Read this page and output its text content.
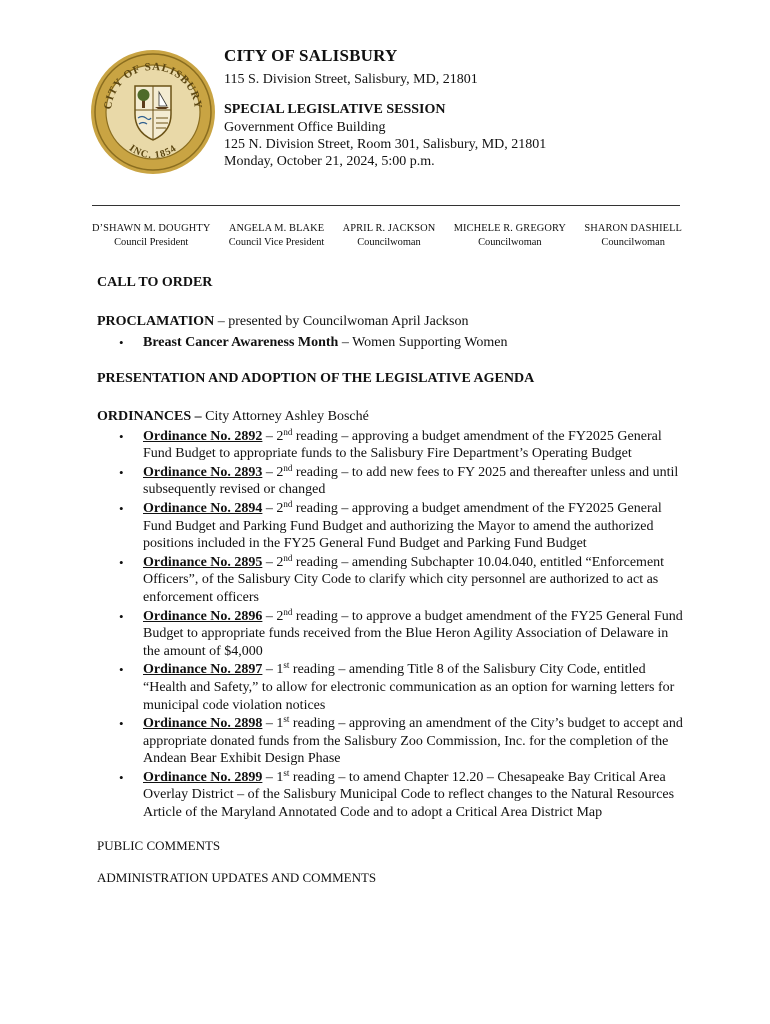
CITY OF SALISBURY
INC. 1854
CITY OF SALISBURY
115 S. Division Street, Salisbury, MD, 21801
SPECIAL LEGISLATIVE SESSION
Government Office Building
125 N. Division Street, Room 301, Salisbury, MD, 21801
Monday, October 21, 2024, 5:00 p.m.
D’SHAWN M. DOUGHTY
Council President
ANGELA M. BLAKE
Council Vice President
APRIL R. JACKSON
Councilwoman
MICHELE R. GREGORY
Councilwoman
SHARON DASHIELL
Councilwoman
CALL TO ORDER
PROCLAMATION – presented by Councilwoman April Jackson
• Breast Cancer Awareness Month – Women Supporting Women
PRESENTATION AND ADOPTION OF THE LEGISLATIVE AGENDA
ORDINANCES – City Attorney Ashley Bosché
• Ordinance No. 2892 – 2nd reading – approving a budget amendment of the FY2025 General Fund Budget to appropriate funds to the Salisbury Fire Department’s Operating Budget
• Ordinance No. 2893 – 2nd reading – to add new fees to FY 2025 and thereafter unless and until subsequently revised or changed
• Ordinance No. 2894 – 2nd reading – approving a budget amendment of the FY2025 General Fund Budget and Parking Fund Budget and authorizing the Mayor to amend the authorized positions included in the FY25 General Fund Budget and Parking Fund Budget
• Ordinance No. 2895 – 2nd reading – amending Subchapter 10.04.040, entitled “Enforcement Officers”, of the Salisbury City Code to clarify which city personnel are authorized to act as enforcement officers
• Ordinance No. 2896 – 2nd reading – to approve a budget amendment of the FY25 General Fund Budget to appropriate funds received from the Blue Heron Agility Association of Delaware in the amount of $4,000
• Ordinance No. 2897 – 1st reading – amending Title 8 of the Salisbury City Code, entitled “Health and Safety,” to allow for electronic communication as an option for warning letters for municipal code violation notices
• Ordinance No. 2898 – 1st reading – approving an amendment of the City’s budget to accept and appropriate donated funds from the Salisbury Zoo Commission, Inc. for the completion of the Andean Bear Exhibit Design Phase
• Ordinance No. 2899 – 1st reading – to amend Chapter 12.20 – Chesapeake Bay Critical Area Overlay District – of the Salisbury Municipal Code to reflect changes to the Natural Resources Article of the Maryland Annotated Code and to adopt a Critical Area District Map
PUBLIC COMMENTS
ADMINISTRATION UPDATES AND COMMENTS
